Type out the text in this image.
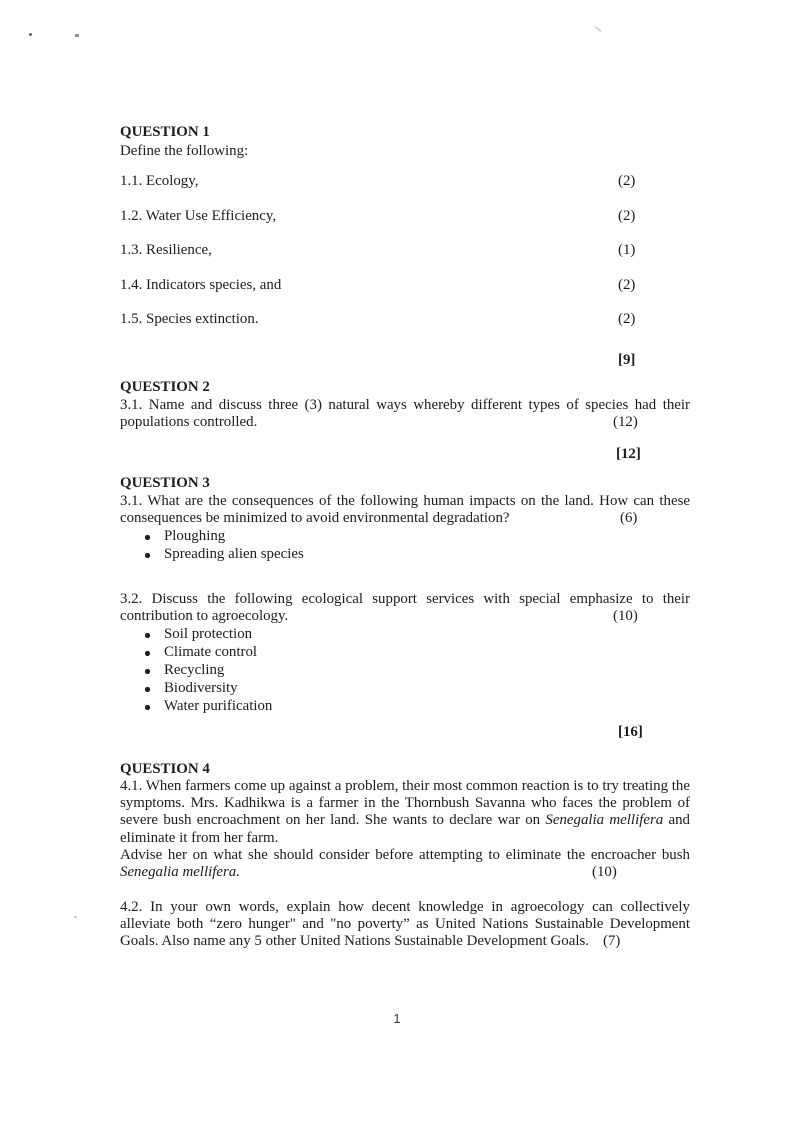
QUESTION 1
Define the following:
1.1. Ecology,	(2)
1.2. Water Use Efficiency,	(2)
1.3. Resilience,	(1)
1.4. Indicators species, and	(2)
1.5. Species extinction.	(2)
[9]
QUESTION 2
3.1. Name and discuss three (3) natural ways whereby different types of species had their populations controlled.	(12)
[12]
QUESTION 3
3.1. What are the consequences of the following human impacts on the land. How can these consequences be minimized to avoid environmental degradation?	(6)
Ploughing
Spreading alien species
3.2. Discuss the following ecological support services with special emphasize to their contribution to agroecology.	(10)
Soil protection
Climate control
Recycling
Biodiversity
Water purification
[16]
QUESTION 4
4.1. When farmers come up against a problem, their most common reaction is to try treating the symptoms. Mrs. Kadhikwa is a farmer in the Thornbush Savanna who faces the problem of severe bush encroachment on her land. She wants to declare war on Senegalia mellifera and eliminate it from her farm.
Advise her on what she should consider before attempting to eliminate the encroacher bush Senegalia mellifera.	(10)
4.2. In your own words, explain how decent knowledge in agroecology can collectively alleviate both “zero hunger" and "no poverty” as United Nations Sustainable Development Goals. Also name any 5 other United Nations Sustainable Development Goals. (7)
1
